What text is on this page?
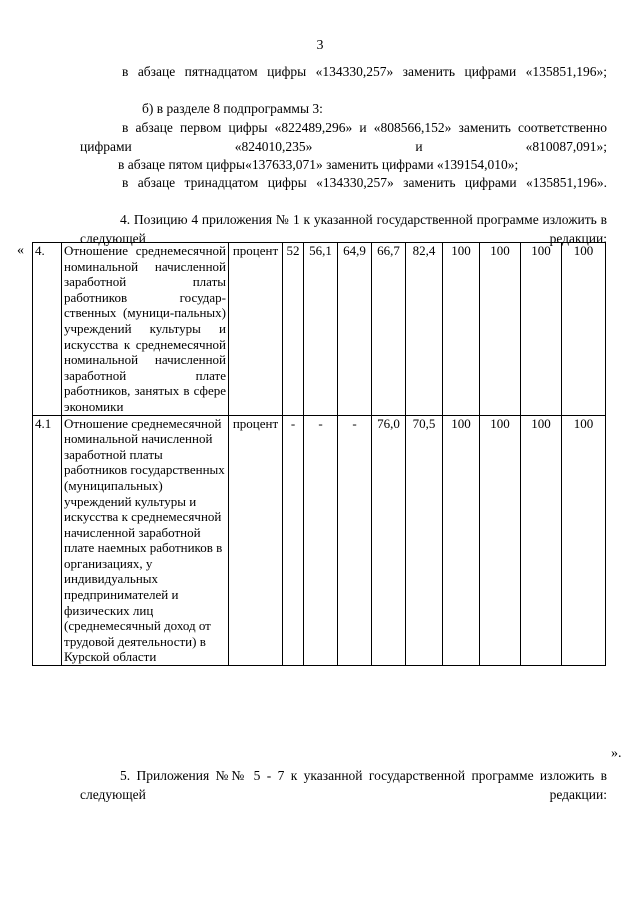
3

в абзаце пятнадцатом цифры «134330,257» заменить цифрами «135851,196»;

б) в разделе 8 подпрограммы 3:

в абзаце первом цифры «822489,296» и «808566,152» заменить соответственно цифрами «824010,235» и «810087,091»;

в абзаце пятом цифры«137633,071» заменить цифрами «139154,010»;

в абзаце тринадцатом цифры «134330,257» заменить цифрами «135851,196».

4. Позицию 4 приложения № 1 к указанной государственной программе изложить в следующей редакции:

« 4.	Отношение среднемесячной номинальной начисленной заработной платы работников государ-ственных (муници-пальных) учреждений культуры и искусства к среднемесячной номинальной начисленной заработной плате работников, занятых в сфере экономики	процент	52	56,1	64,9	66,7	82,4	100	100	100	100
4.1	Отношение среднемесячной номинальной начисленной заработной платы работников государственных (муниципальных) учреждений культуры и искусства к среднемесячной начисленной заработной плате наемных работников в организациях, у индивидуальных предпринимателей и физических лиц (среднемесячный доход от трудовой деятельности) в Курской области	процент	-	-	-	76,0	70,5	100	100	100	100
».

5. Приложения №№ 5 - 7 к указанной государственной программе изложить в следующей редакции:
